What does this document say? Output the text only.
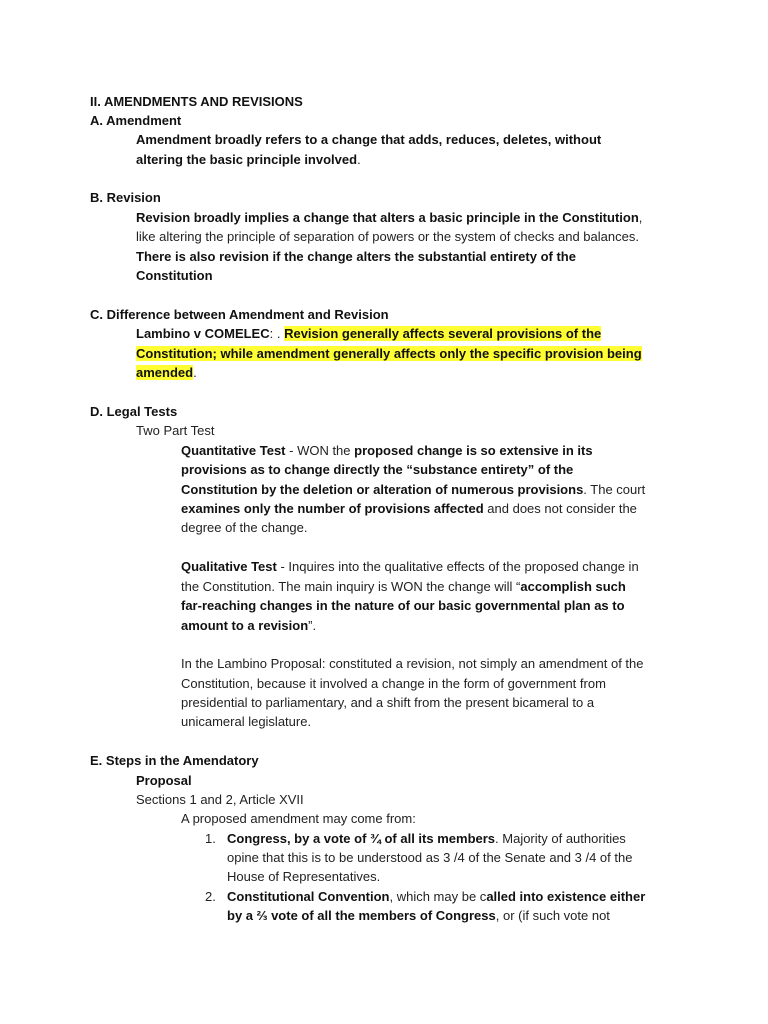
II. AMENDMENTS AND REVISIONS
A. Amendment
Amendment broadly refers to a change that adds, reduces, deletes, without
altering the basic principle involved.
B. Revision
Revision broadly implies a change that alters a basic principle in the Constitution,
like altering the principle of separation of powers or the system of checks and balances.
There is also revision if the change alters the substantial entirety of the
Constitution
C. Difference between Amendment and Revision
Lambino v COMELEC: . Revision generally affects several provisions of the
Constitution; while amendment generally affects only the specific provision being
amended.
D. Legal Tests
Two Part Test
Quantitative Test - WON the proposed change is so extensive in its
provisions as to change directly the “substance entirety” of the
Constitution by the deletion or alteration of numerous provisions. The court
examines only the number of provisions affected and does not consider the
degree of the change.
Qualitative Test - Inquires into the qualitative effects of the proposed change in
the Constitution. The main inquiry is WON the change will “accomplish such
far-reaching changes in the nature of our basic governmental plan as to
amount to a revision”.
In the Lambino Proposal: constituted a revision, not simply an amendment of the
Constitution, because it involved a change in the form of government from
presidential to parliamentary, and a shift from the present bicameral to a
unicameral legislature.
E. Steps in the Amendatory
Proposal
Sections 1 and 2, Article XVII
A proposed amendment may come from:
1. Congress, by a vote of ¾ of all its members. Majority of authorities
opine that this is to be understood as 3 /4 of the Senate and 3 /4 of the
House of Representatives.
2. Constitutional Convention, which may be called into existence either
by a ⅔ vote of all the members of Congress, or (if such vote not
